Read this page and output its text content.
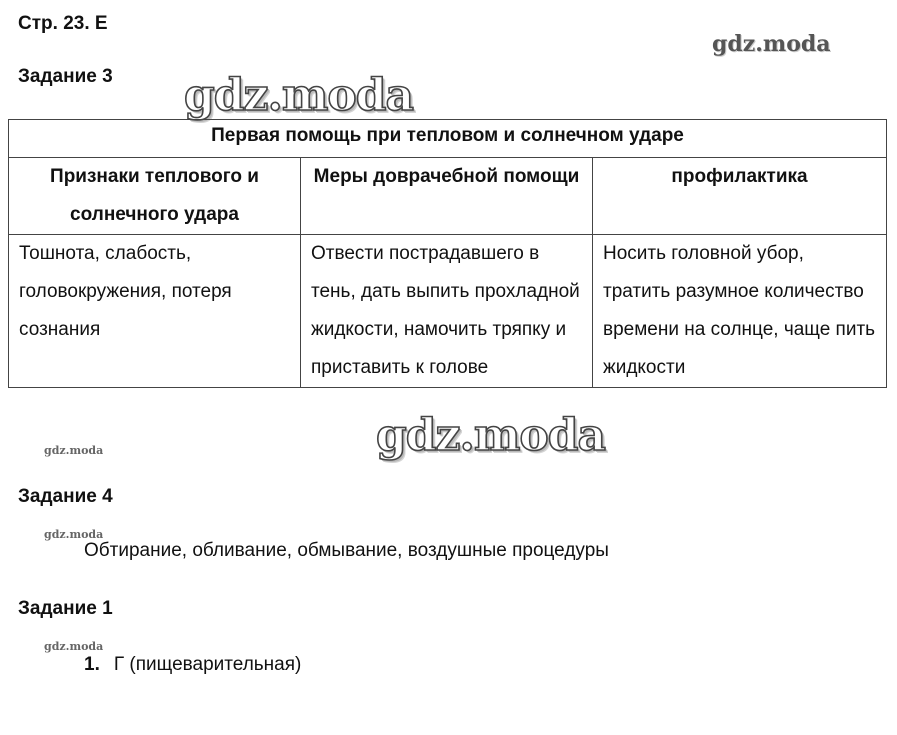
Стр. 23. Е
gdz.moda
Задание 3 gdz.moda
Первая помощь при тепловом и солнечном ударе		
Признаки теплового и солнечного удара	Меры доврачебной помощи	профилактика
Тошнота, слабость, головокружения, потеря сознания	Отвести пострадавшего в тень, дать выпить прохладной жидкости, намочить тряпку и приставить к голове	Носить головной убор, тратить разумное количество времени на солнце, чаще пить жидкости
gdz.moda
gdz.moda
Задание 4
gdz.moda
Обтирание, обливание, обмывание, воздушные процедуры
Задание 1
gdz.moda
1. Г (пищеварительная)
